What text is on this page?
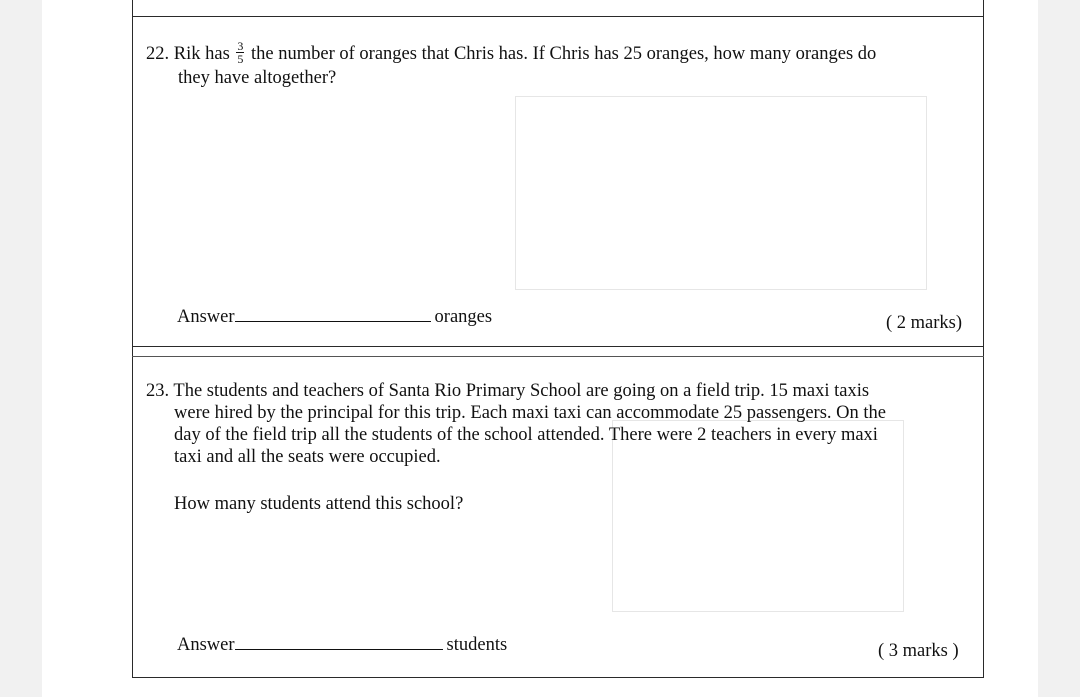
22. Rik has $\frac{3}{5}$ the number of oranges that Chris has. If Chris has 25 oranges, how many oranges do
they have altogether?
Answer	oranges	( 2 marks)
23. The students and teachers of Santa Rio Primary School are going on a field trip. 15 maxi taxis
were hired by the principal for this trip. Each maxi taxi can accommodate 25 passengers. On the
day of the field trip all the students of the school attended. There were 2 teachers in every maxi
taxi and all the seats were occupied.
How many students attend this school?
Answer	students	( 3 marks )
